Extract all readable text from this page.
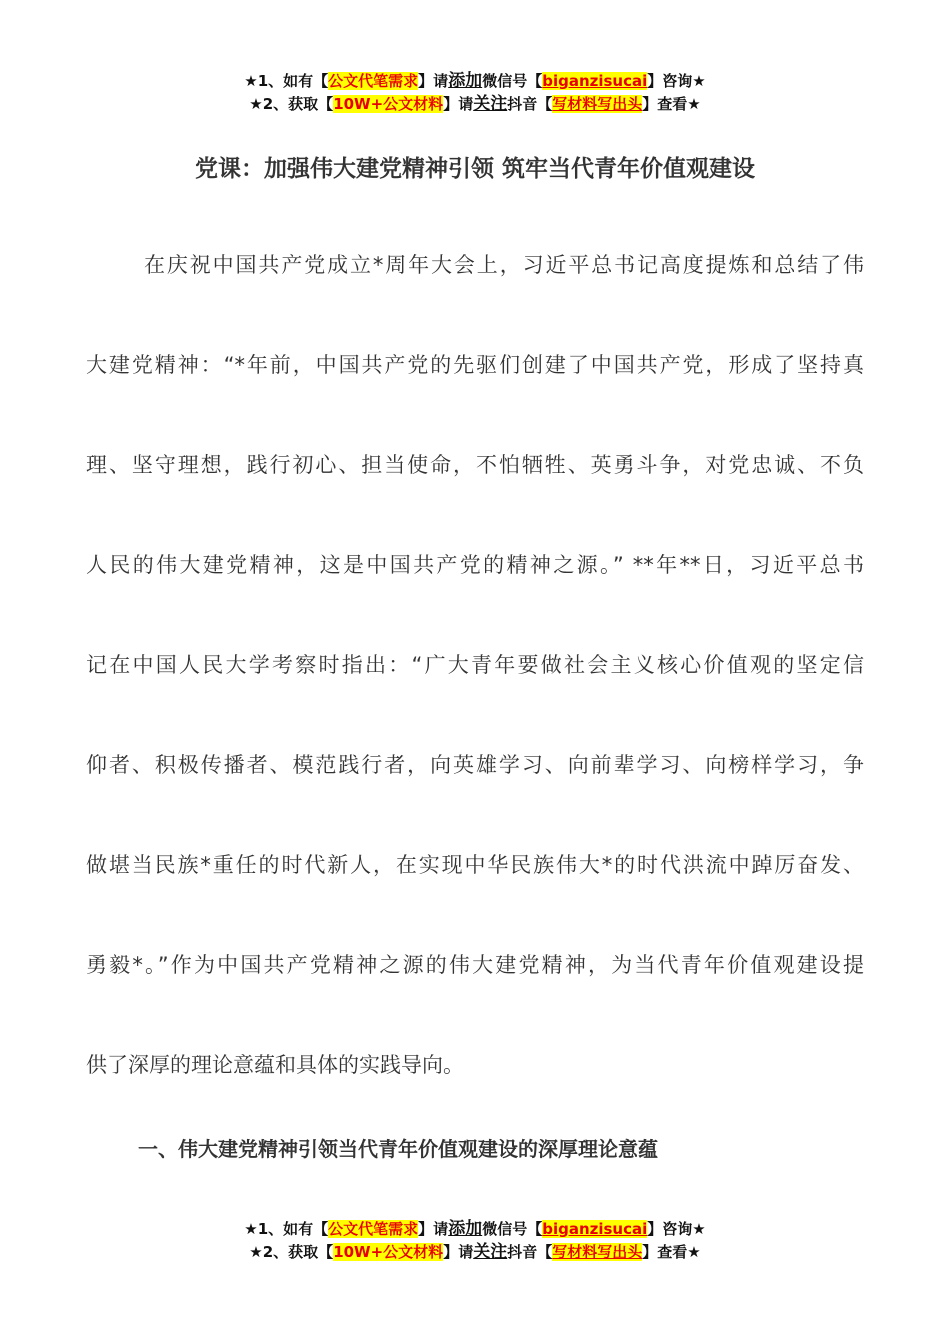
★1、如有【公文代笔需求】请添加微信号【biganzisucai】咨询★
★2、获取【10W+公文材料】请关注抖音【写材料写出头】查看★
党课：加强伟大建党精神引领 筑牢当代青年价值观建设
在庆祝中国共产党成立*周年大会上，习近平总书记高度提炼和总结了伟
大建党精神：“*年前，中国共产党的先驱们创建了中国共产党，形成了坚持真
理、坚守理想，践行初心、担当使命，不怕牺牲、英勇斗争，对党忠诚、不负
人民的伟大建党精神，这是中国共产党的精神之源。” **年**日，习近平总书
记在中国人民大学考察时指出：“广大青年要做社会主义核心价值观的坚定信
仰者、积极传播者、模范践行者，向英雄学习、向前辈学习、向榜样学习，争
做堪当民族*重任的时代新人，在实现中华民族伟大*的时代洪流中踔厉奋发、
勇毅*。”作为中国共产党精神之源的伟大建党精神，为当代青年价值观建设提
供了深厚的理论意蕴和具体的实践导向。
一、伟大建党精神引领当代青年价值观建设的深厚理论意蕴
★1、如有【公文代笔需求】请添加微信号【biganzisucai】咨询★
★2、获取【10W+公文材料】请关注抖音【写材料写出头】查看★
